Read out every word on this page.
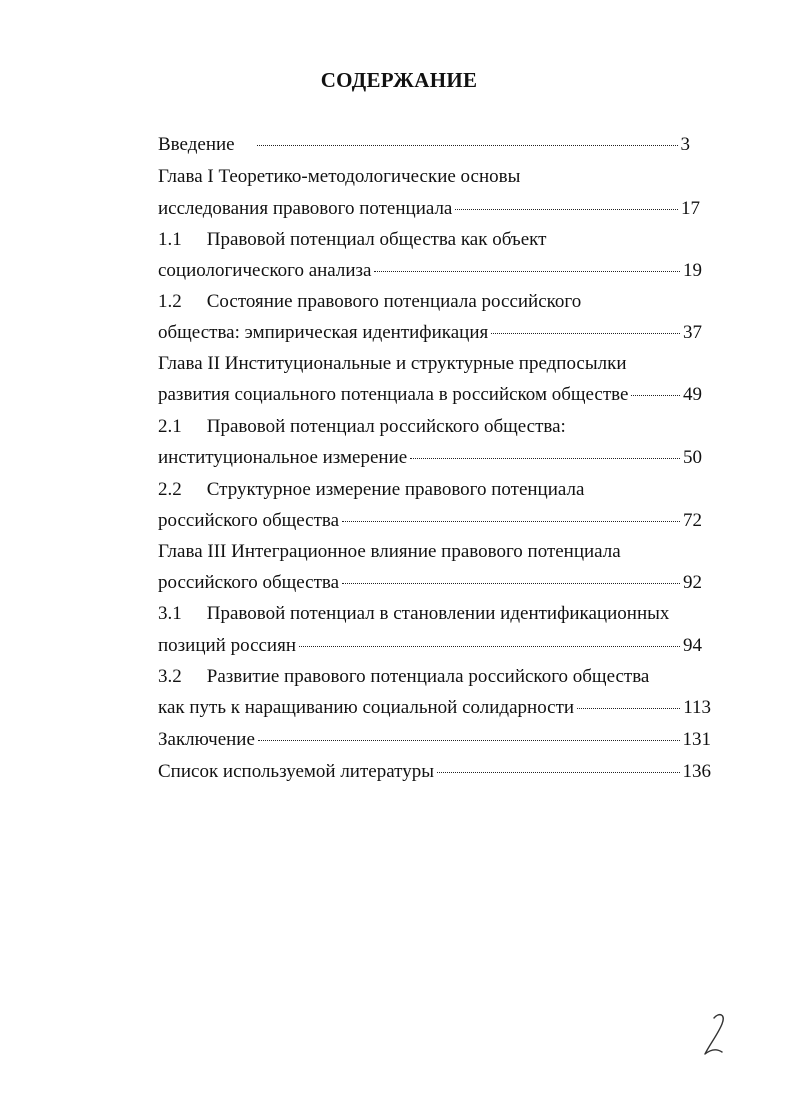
СОДЕРЖАНИЕ
Введение	3
Глава I Теоретико-методологические основы
исследования правового потенциала	17
1.1 Правовой потенциал общества как объект
социологического анализа	19
1.2 Состояние правового потенциала российского
общества: эмпирическая идентификация	37
Глава II Институциональные и структурные предпосылки
развития социального потенциала в российском обществе	49
2.1 Правовой потенциал российского общества:
институциональное измерение	50
2.2 Структурное измерение правового потенциала
российского общества	72
Глава III Интеграционное влияние правового потенциала
российского общества	92
3.1 Правовой потенциал в становлении идентификационных
позиций россиян	94
3.2 Развитие правового потенциала российского общества
как путь к наращиванию социальной солидарности	113
Заключение	131
Список используемой литературы	136
